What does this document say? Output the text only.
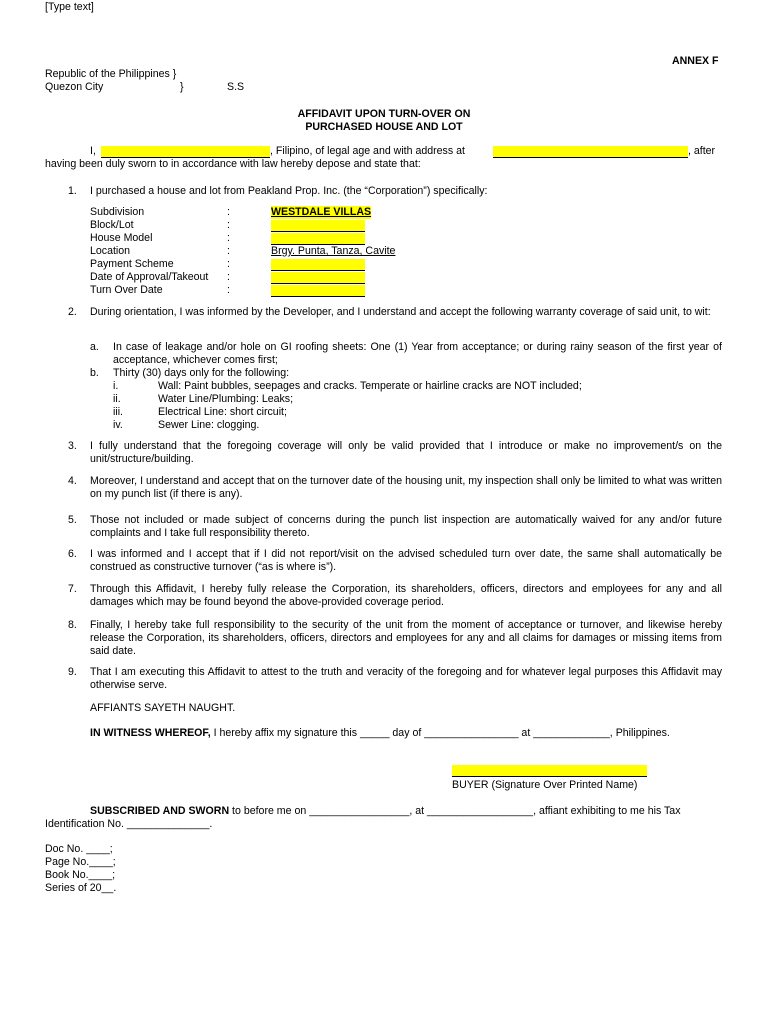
[Type text]
ANNEX F
Republic of the Philippines }
Quezon City	}	S.S
AFFIDAVIT UPON TURN-OVER ON
PURCHASED HOUSE AND LOT
I,	, Filipino, of legal age and with address at	, after
having been duly sworn to in accordance with law hereby depose and state that:
1. I purchased a house and lot from Peakland Prop. Inc. (the “Corporation”) specifically:
Subdivision	:	WESTDALE VILLAS
Block/Lot	:
House Model	:
Location	:	Brgy. Punta, Tanza, Cavite
Payment Scheme	:
Date of Approval/Takeout :
Turn Over Date	:
2. During orientation, I was informed by the Developer, and I understand and accept the following warranty coverage of said unit, to wit:
a. In case of leakage and/or hole on GI roofing sheets: One (1) Year from acceptance; or during rainy season of the first year of acceptance, whichever comes first;
b. Thirty (30) days only for the following:
i.	Wall: Paint bubbles, seepages and cracks. Temperate or hairline cracks are NOT included;
ii.	Water Line/Plumbing: Leaks;
iii.	Electrical Line: short circuit;
iv.	Sewer Line: clogging.
3. I fully understand that the foregoing coverage will only be valid provided that I introduce or make no improvement/s on the unit/structure/building.
4. Moreover, I understand and accept that on the turnover date of the housing unit, my inspection shall only be limited to what was written on my punch list (if there is any).
5. Those not included or made subject of concerns during the punch list inspection are automatically waived for any and/or future complaints and I take full responsibility thereto.
6. I was informed and I accept that if I did not report/visit on the advised scheduled turn over date, the same shall automatically be construed as constructive turnover (“as is where is”).
7. Through this Affidavit, I hereby fully release the Corporation, its shareholders, officers, directors and employees for any and all damages which may be found beyond the above-provided coverage period.
8. Finally, I hereby take full responsibility to the security of the unit from the moment of acceptance or turnover, and likewise hereby release the Corporation, its shareholders, officers, directors and employees for any and all claims for damages or missing items from said date.
9. That I am executing this Affidavit to attest to the truth and veracity of the foregoing and for whatever legal purposes this Affidavit may otherwise serve.
AFFIANTS SAYETH NAUGHT.
IN WITNESS WHEREOF, I hereby affix my signature this _____ day of ________________ at _____________, Philippines.
BUYER (Signature Over Printed Name)
SUBSCRIBED AND SWORN to before me on _________________, at __________________, affiant exhibiting to me his Tax
Identification No. ______________.
Doc No. ____;
Page No.____;
Book No.____;
Series of 20__.
